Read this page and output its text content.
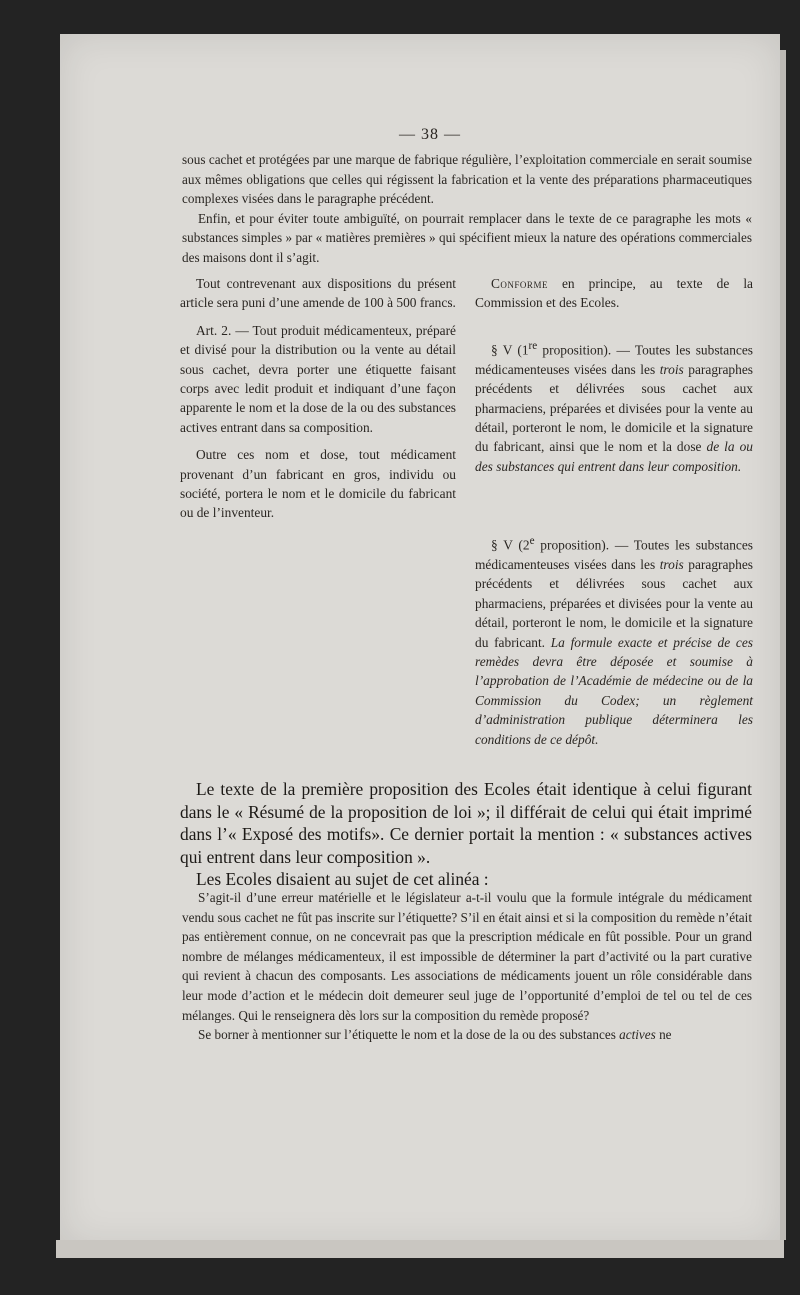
— 38 —

sous cachet et protégées par une marque de fabrique régulière, l’exploitation commerciale en serait soumise aux mêmes obligations que celles qui régissent la fabrication et la vente des préparations pharmaceutiques complexes visées dans le paragraphe précédent.

Enfin, et pour éviter toute ambiguïté, on pourrait remplacer dans le texte de ce paragraphe les mots « substances simples » par « matières premières » qui spécifient mieux la nature des opérations commerciales des maisons dont il s’agit.

Tout contrevenant aux dispositions du présent article sera puni d’une amende de 100 à 500 francs.

Art. 2. — Tout produit médicamenteux, préparé et divisé pour la distribution ou la vente au détail sous cachet, devra porter une étiquette faisant corps avec ledit produit et indiquant d’une façon apparente le nom et la dose de la ou des substances actives entrant dans sa composition.

Outre ces nom et dose, tout médicament provenant d’un fabricant en gros, individu ou société, portera le nom et le domicile du fabricant ou de l’inventeur.

Conforme en principe, au texte de la Commission et des Ecoles.

§ V (1re proposition). — Toutes les substances médicamenteuses visées dans les trois paragraphes précédents et délivrées sous cachet aux pharmaciens, préparées et divisées pour la vente au détail, porteront le nom, le domicile et la signature du fabricant, ainsi que le nom et la dose de la ou des substances qui entrent dans leur composition.

§ V (2e proposition). — Toutes les substances médicamenteuses visées dans les trois paragraphes précédents et délivrées sous cachet aux pharmaciens, préparées et divisées pour la vente au détail, porteront le nom, le domicile et la signature du fabricant. La formule exacte et précise de ces remèdes devra être déposée et soumise à l’approbation de l’Académie de médecine ou de la Commission du Codex; un règlement d’administration publique déterminera les conditions de ce dépôt.

Le texte de la première proposition des Ecoles était identique à celui figurant dans le « Résumé de la proposition de loi »; il différait de celui qui était imprimé dans l’« Exposé des motifs». Ce dernier portait la mention : « substances actives qui entrent dans leur composition ».

Les Ecoles disaient au sujet de cet alinéa :

S’agit-il d’une erreur matérielle et le législateur a-t-il voulu que la formule intégrale du médicament vendu sous cachet ne fût pas inscrite sur l’étiquette? S’il en était ainsi et si la composition du remède n’était pas entièrement connue, on ne concevrait pas que la prescription médicale en fût possible. Pour un grand nombre de mélanges médicamenteux, il est impossible de déterminer la part d’activité ou la part curative qui revient à chacun des composants. Les associations de médicaments jouent un rôle considérable dans leur mode d’action et le médecin doit demeurer seul juge de l’opportunité d’emploi de tel ou tel de ces mélanges. Qui le renseignera dès lors sur la composition du remède proposé?

Se borner à mentionner sur l’étiquette le nom et la dose de la ou des substances actives ne
